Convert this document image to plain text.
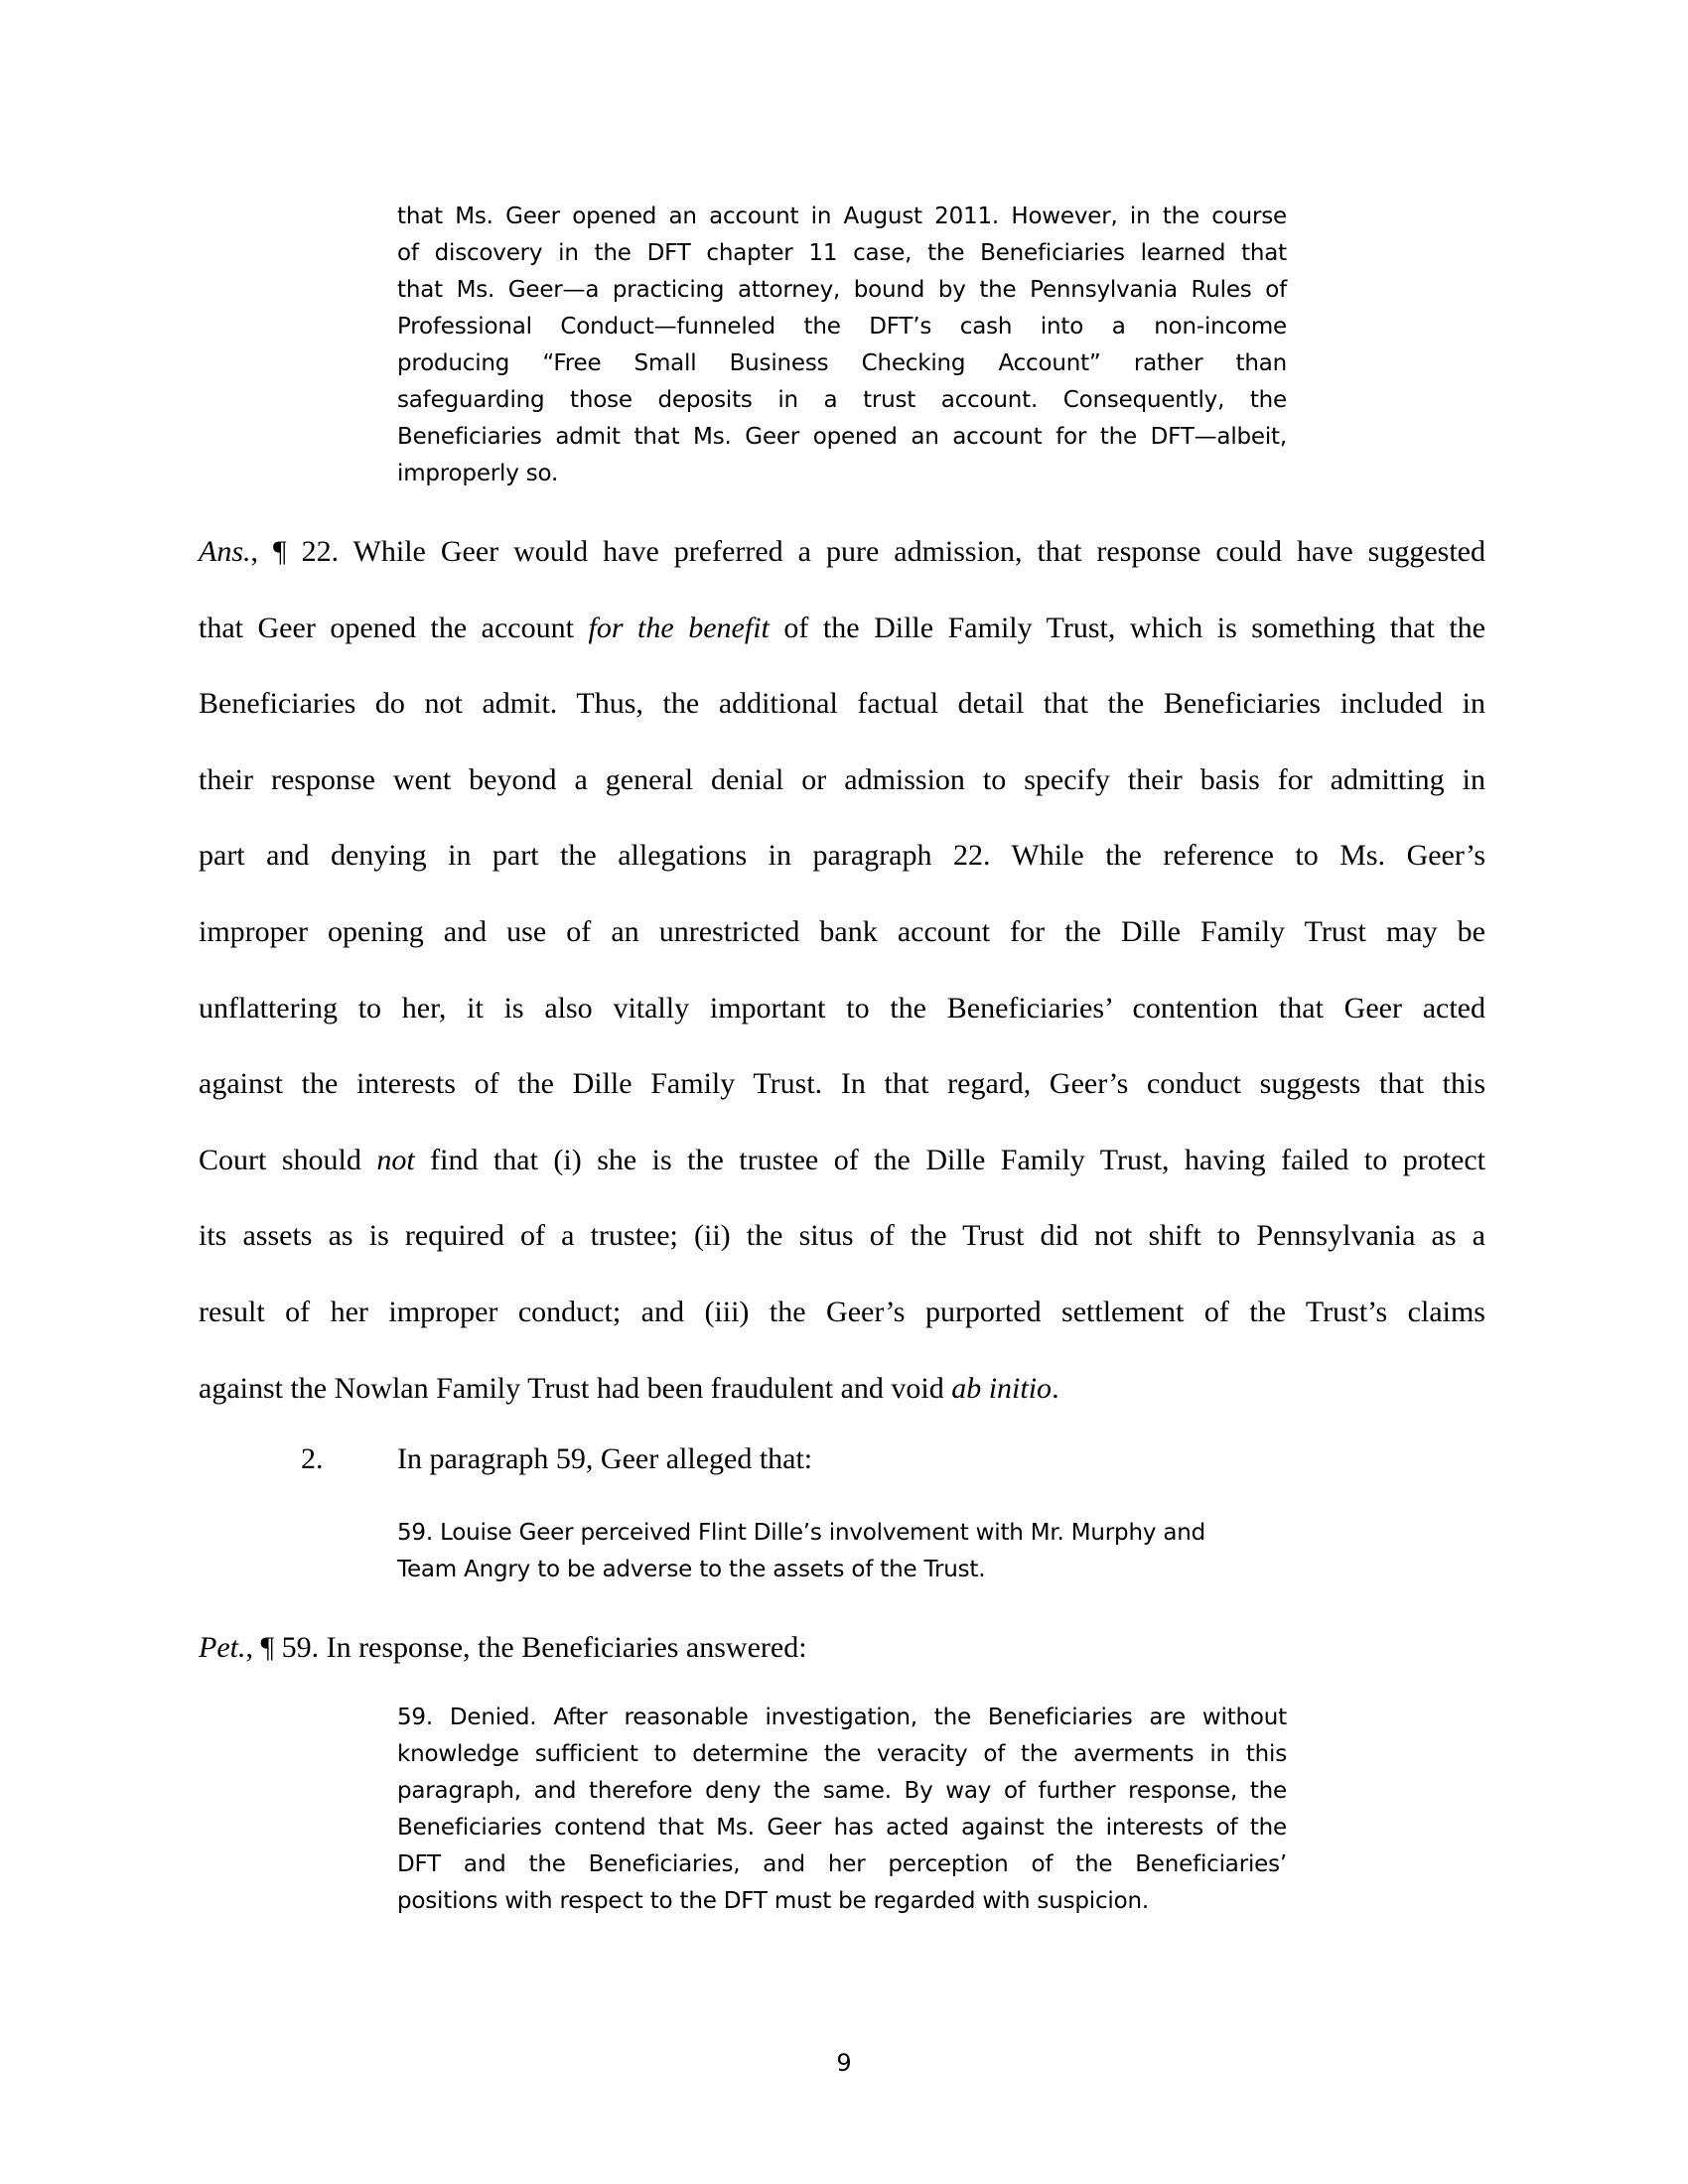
that Ms. Geer opened an account in August 2011. However, in the course
of discovery in the DFT chapter 11 case, the Beneficiaries learned that
that Ms. Geer—a practicing attorney, bound by the Pennsylvania Rules of
Professional Conduct—funneled the DFT’s cash into a non-income
producing “Free Small Business Checking Account” rather than
safeguarding those deposits in a trust account. Consequently, the
Beneficiaries admit that Ms. Geer opened an account for the DFT—albeit,
improperly so.
Ans., ¶ 22. While Geer would have preferred a pure admission, that response could have suggested
that Geer opened the account for the benefit of the Dille Family Trust, which is something that the
Beneficiaries do not admit. Thus, the additional factual detail that the Beneficiaries included in
their response went beyond a general denial or admission to specify their basis for admitting in
part and denying in part the allegations in paragraph 22. While the reference to Ms. Geer’s
improper opening and use of an unrestricted bank account for the Dille Family Trust may be
unflattering to her, it is also vitally important to the Beneficiaries’ contention that Geer acted
against the interests of the Dille Family Trust. In that regard, Geer’s conduct suggests that this
Court should not find that (i) she is the trustee of the Dille Family Trust, having failed to protect
its assets as is required of a trustee; (ii) the situs of the Trust did not shift to Pennsylvania as a
result of her improper conduct; and (iii) the Geer’s purported settlement of the Trust’s claims
against the Nowlan Family Trust had been fraudulent and void ab initio.
2. In paragraph 59, Geer alleged that:
59. Louise Geer perceived Flint Dille’s involvement with Mr. Murphy and
Team Angry to be adverse to the assets of the Trust.
Pet., ¶ 59. In response, the Beneficiaries answered:
59. Denied. After reasonable investigation, the Beneficiaries are without
knowledge sufficient to determine the veracity of the averments in this
paragraph, and therefore deny the same. By way of further response, the
Beneficiaries contend that Ms. Geer has acted against the interests of the
DFT and the Beneficiaries, and her perception of the Beneficiaries’
positions with respect to the DFT must be regarded with suspicion.
9
